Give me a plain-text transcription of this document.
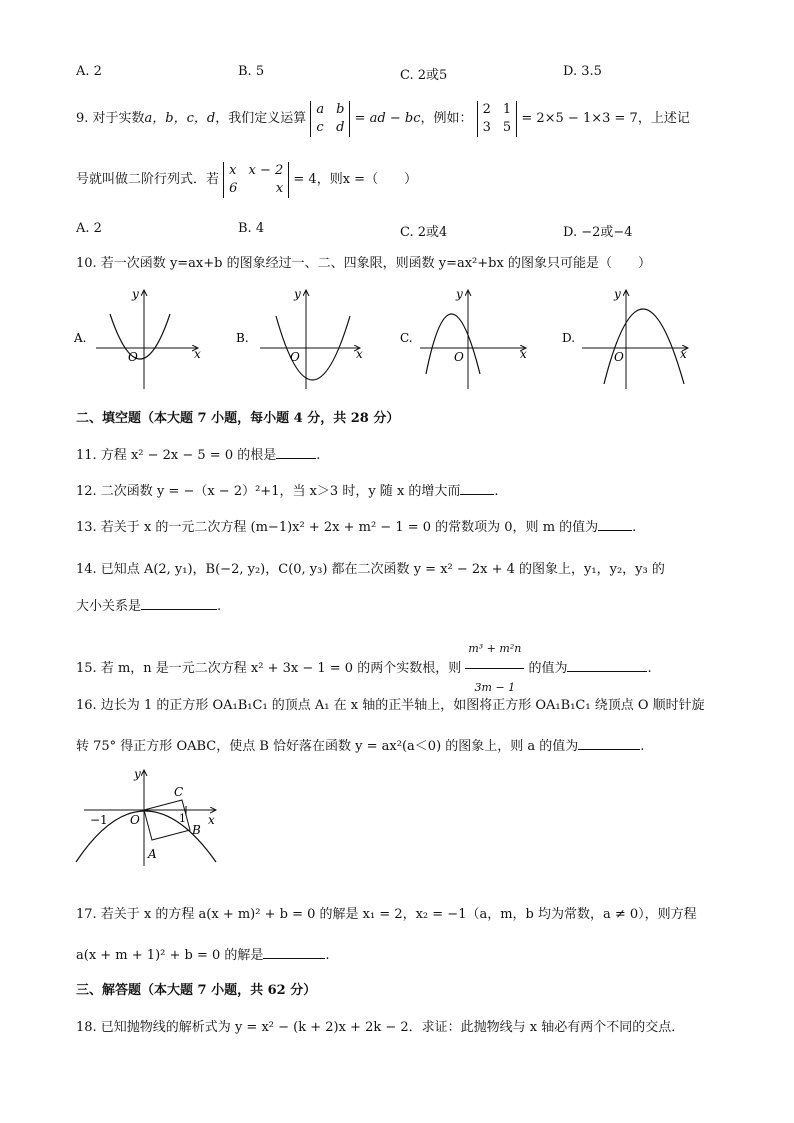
A. 2	B. 5	C. 2或5	D. 3.5
9. 对于实数a，b，c，d，我们定义运算
a b
c d
= ad − bc，例如：
2 1
3 5
= 2×5 − 1×3 = 7，上述记
号就叫做二阶行列式．若
x x − 2
6	x
= 4，则x =（　　）
A. 2	B. 4	C. 2或4	D. −2或−4
10. 若一次函数 y=ax+b 的图象经过一、二、四象限，则函数 y=ax²+bx 的图象只可能是（　　）
A.
O	x
y
B.
O	x
y
C.
O	x
y
D.
O	x
y
二、填空题（本大题 7 小题，每小题 4 分，共 28 分）
11. 方程 x² − 2x − 5 = 0 的根是	.
12. 二次函数 y = −（x − 2）²+1，当 x＞3 时，y 随 x 的增大而	.
13. 若关于 x 的一元二次方程 (m−1)x² + 2x + m² − 1 = 0 的常数项为 0，则 m 的值为	.
14. 已知点 A(2, y₁)，B(−2, y₂)，C(0, y₃) 都在二次函数 y = x² − 2x + 4 的图象上，y₁，y₂，y₃ 的
大小关系是	.
15. 若 m，n 是一元二次方程 x² + 3x − 1 = 0 的两个实数根，则 $\frac{\text{m³ + m²n}}{3m - 1}$ 的值为	.
16. 边长为 1 的正方形 OA₁B₁C₁ 的顶点 A₁ 在 x 轴的正半轴上，如图将正方形 OA₁B₁C₁ 绕顶点 O 顺时针旋
转 75° 得正方形 OABC，使点 B 恰好落在函数 y = ax²(a＜0) 的图象上，则 a 的值为	.
y
x
−1	1
O
A
B
C
17. 若关于 x 的方程 a(x + m)² + b = 0 的解是 x₁ = 2，x₂ = −1（a，m，b 均为常数，a ≠ 0），则方程
a(x + m + 1)² + b = 0 的解是	.
三、解答题（本大题 7 小题，共 62 分）
18. 已知抛物线的解析式为 y = x² − (k + 2)x + 2k − 2．求证：此抛物线与 x 轴必有两个不同的交点．
